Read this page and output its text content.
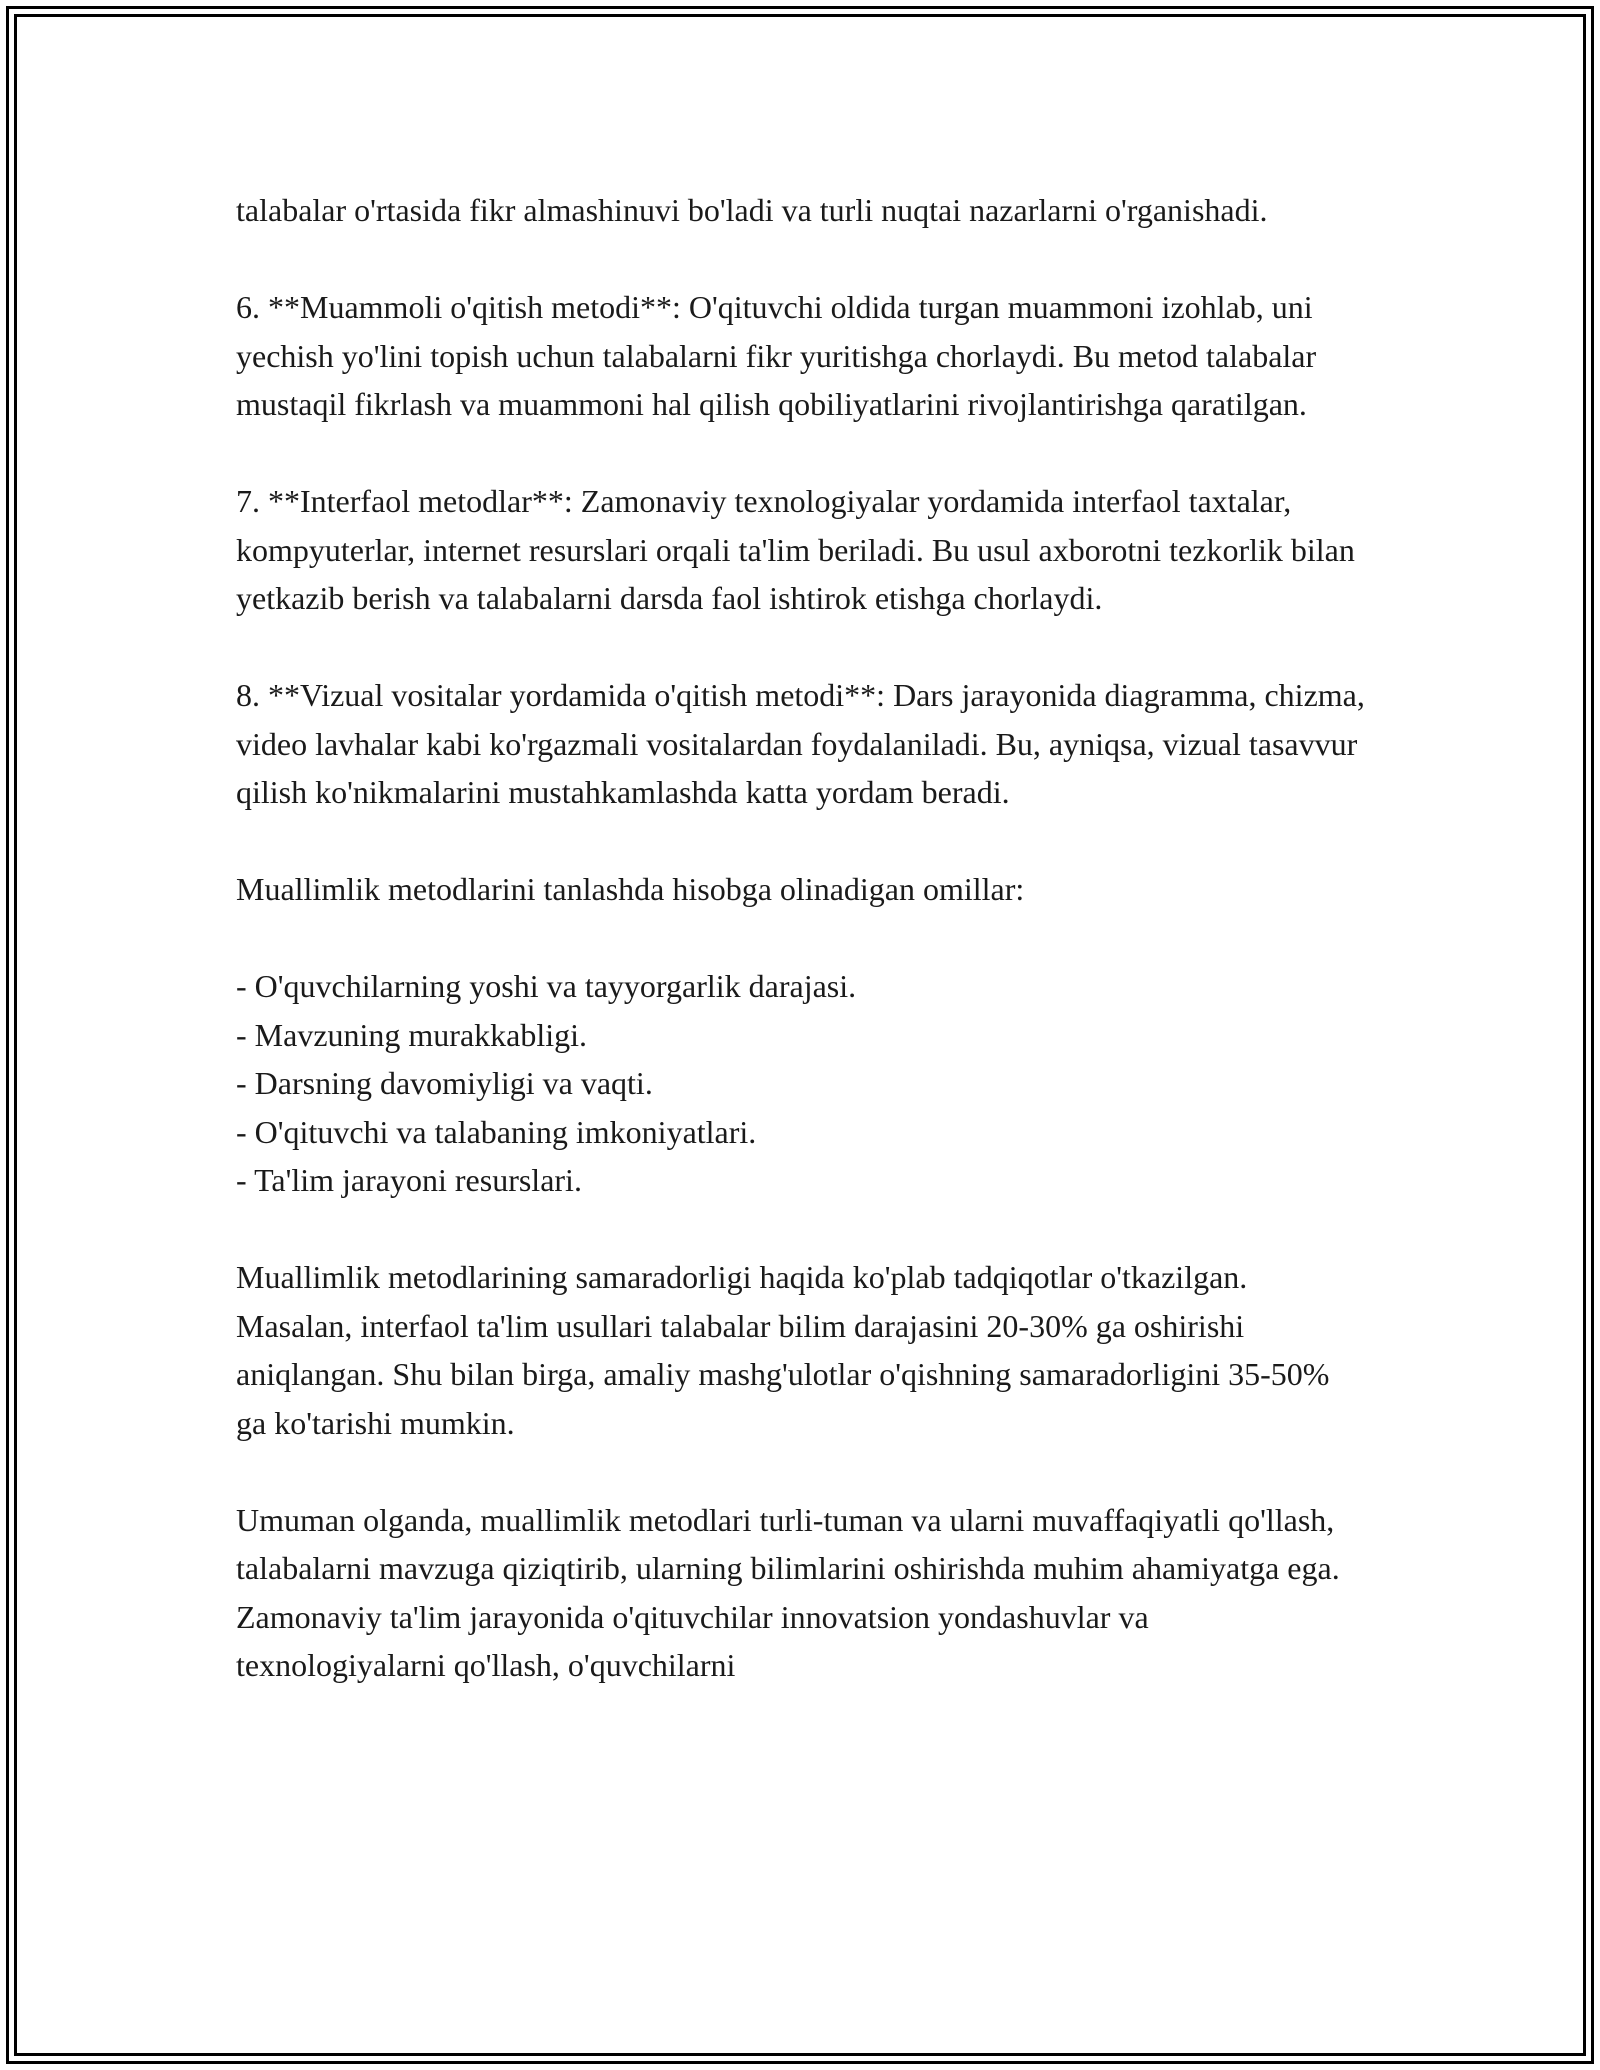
talabalar o'rtasida fikr almashinuvi bo'ladi va turli nuqtai nazarlarni o'rganishadi.

6. **Muammoli o'qitish metodi**: O'qituvchi oldida turgan muammoni izohlab, uni yechish yo'lini topish uchun talabalarni fikr yuritishga chorlaydi. Bu metod talabalar mustaqil fikrlash va muammoni hal qilish qobiliyatlarini rivojlantirishga qaratilgan.

7. **Interfaol metodlar**: Zamonaviy texnologiyalar yordamida interfaol taxtalar, kompyuterlar, internet resurslari orqali ta'lim beriladi. Bu usul axborotni tezkorlik bilan yetkazib berish va talabalarni darsda faol ishtirok etishga chorlaydi.

8. **Vizual vositalar yordamida o'qitish metodi**: Dars jarayonida diagramma, chizma, video lavhalar kabi ko'rgazmali vositalardan foydalaniladi. Bu, ayniqsa, vizual tasavvur qilish ko'nikmalarini mustahkamlashda katta yordam beradi.

Muallimlik metodlarini tanlashda hisobga olinadigan omillar:

- O'quvchilarning yoshi va tayyorgarlik darajasi.
- Mavzuning murakkabligi.
- Darsning davomiyligi va vaqti.
- O'qituvchi va talabaning imkoniyatlari.
- Ta'lim jarayoni resurslari.

Muallimlik metodlarining samaradorligi haqida ko'plab tadqiqotlar o'tkazilgan. Masalan, interfaol ta'lim usullari talabalar bilim darajasini 20-30% ga oshirishi aniqlangan. Shu bilan birga, amaliy mashg'ulotlar o'qishning samaradorligini 35-50% ga ko'tarishi mumkin.

Umuman olganda, muallimlik metodlari turli-tuman va ularni muvaffaqiyatli qo'llash, talabalarni mavzuga qiziqtirib, ularning bilimlarini oshirishda muhim ahamiyatga ega. Zamonaviy ta'lim jarayonida o'qituvchilar innovatsion yondashuvlar va texnologiyalarni qo'llash, o'quvchilarni
